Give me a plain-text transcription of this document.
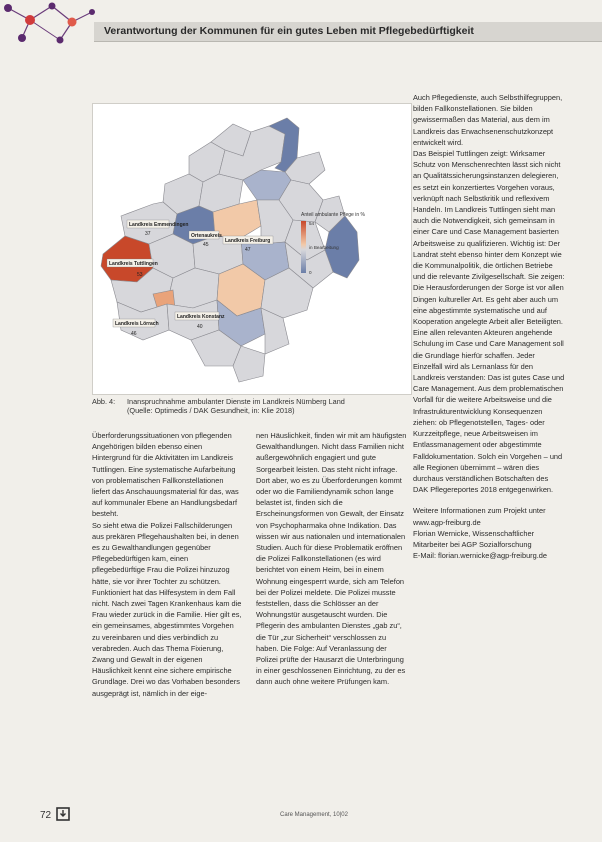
Verantwortung der Kommunen für ein gutes Leben mit Pflegebedürftigkeit
Landkreis Emmendingen
37
Landkreis Tuttlingen
53
Ortenaukreis
45
Landkreis Freiburg
47
Landkreis Lörrach
46
Landkreis Konstanz
40
Anteil ambulante Pflege in %
54
in Bearbeitung
0
Abb. 4: Inanspruchnahme ambulanter Dienste im Landkreis Nürnberg Land
(Quelle: Optimedis / DAK Gesundheit, in: Klie 2018)

Überforderungssituationen von pflegenden Angehörigen bilden ebenso einen Hintergrund für die Aktivitäten im Landkreis Tuttlingen. Eine systematische Aufarbeitung von problematischen Fallkonstellationen liefert das Anschauungsmaterial für das, was auf kommunaler Ebene an Handlungsbedarf besteht.

So sieht etwa die Polizei Fallschilderungen aus prekären Pflegehaushalten bei, in denen es zu Gewalthandlungen gegenüber Pflegebedürftigen kam, einen pflegebedürftige Frau die Polizei hinzuzog hätte, sie vor ihrer Tochter zu schützen. Funktioniert hat das Hilfesystem in dem Fall nicht. Nach zwei Tagen Krankenhaus kam die Frau wieder zurück in die Familie. Hier gilt es, ein gemeinsames, abgestimmtes Vorgehen zu vereinbaren und dies verbindlich zu verabreden. Auch das Thema Fixierung, Zwang und Gewalt in der eigenen Häuslichkeit kennt eine sichere empirische Grundlage. Drei wo das Vorhaben besonders ausgeprägt ist, nämlich in der eige-

nen Häuslichkeit, finden wir mit am häufigsten Gewalthandlungen. Nicht dass Familien nicht außergewöhnlich engagiert und gute Sorgearbeit leisten. Das steht nicht infrage. Dort aber, wo es zu Überforderungen kommt oder wo die Familiendynamik schon lange belastet ist, finden sich die Erscheinungsformen von Gewalt, der Einsatz von Psychopharmaka ohne Indikation. Das wissen wir aus nationalen und internationalen Studien. Auch für diese Problematik eröffnen die Polizei Fallkonstellationen (es wird berichtet von einem Heim, bei in einem Wohnung eingesperrt wurde, sich am Telefon bei der Polizei meldete. Die Polizei musste feststellen, dass die Schlösser an der Wohnungstür ausgetauscht wurden. Die Pflegerin des ambulanten Dienstes „gab zu“, die Tür „zur Sicherheit“ verschlossen zu haben. Die Folge: Auf Veranlassung der Polizei prüfte der Hausarzt die Unterbringung in einer geschlossenen Einrichtung, zu der es dann auch ohne weitere Prüfungen kam.

Auch Pflegedienste, auch Selbsthilfegruppen, bilden Fallkonstellationen. Sie bilden gewissermaßen das Material, aus dem im Landkreis das Erwachsenenschutzkonzept entwickelt wird.

Das Beispiel Tuttlingen zeigt: Wirksamer Schutz von Menschenrechten lässt sich nicht an Qualitätssicherungsinstanzen delegieren, es setzt ein konzertiertes Vorgehen voraus, verknüpft nach Selbstkritik und reflexivem Handeln. Im Landkreis Tuttlingen sieht man auch die Notwendigkeit, sich gemeinsam in einer Care und Case Management basierten Arbeitsweise zu qualifizieren. Wichtig ist: Der Landrat steht ebenso hinter dem Konzept wie die Kommunalpolitik, die örtlichen Betriebe und die relevante Zivilgesellschaft. Sie zeigen: Die Herausforderungen der Sorge ist vor allen Dingen kultureller Art. Es geht aber auch um eine abgestimmte systematische und auf Kooperation angelegte Arbeit aller Beteiligten. Eine allen relevanten Akteuren angehende Schulung im Case und Care Management soll die Grundlage hierfür schaffen. Jeder Einzelfall wird als Lernanlass für den Landkreis verstanden: Das ist gutes Case und Care Management. Aus dem problematischen Vorfall für die weitere Arbeitsweise und die Infrastrukturentwicklung Konsequenzen ziehen: ob Pflegenotstellen, Tages- oder Kurzzeitpflege, neue Arbeitsweisen im Entlassmanagement oder abgestimmte Falldokumentation. Solch ein Vorgehen – und alle Regionen übernimmt – wären dies durchaus verständlichen Botschaften des DAK Pflegereportes 2018 entgegenwirken.

Weitere Informationen zum Projekt unter www.agp-freiburg.de

Florian Wernicke, Wissenschaftlicher Mitarbeiter bei AGP Sozialforschung

E-Mail: florian.wernicke@agp-freiburg.de

72	Care Management, 10|02
